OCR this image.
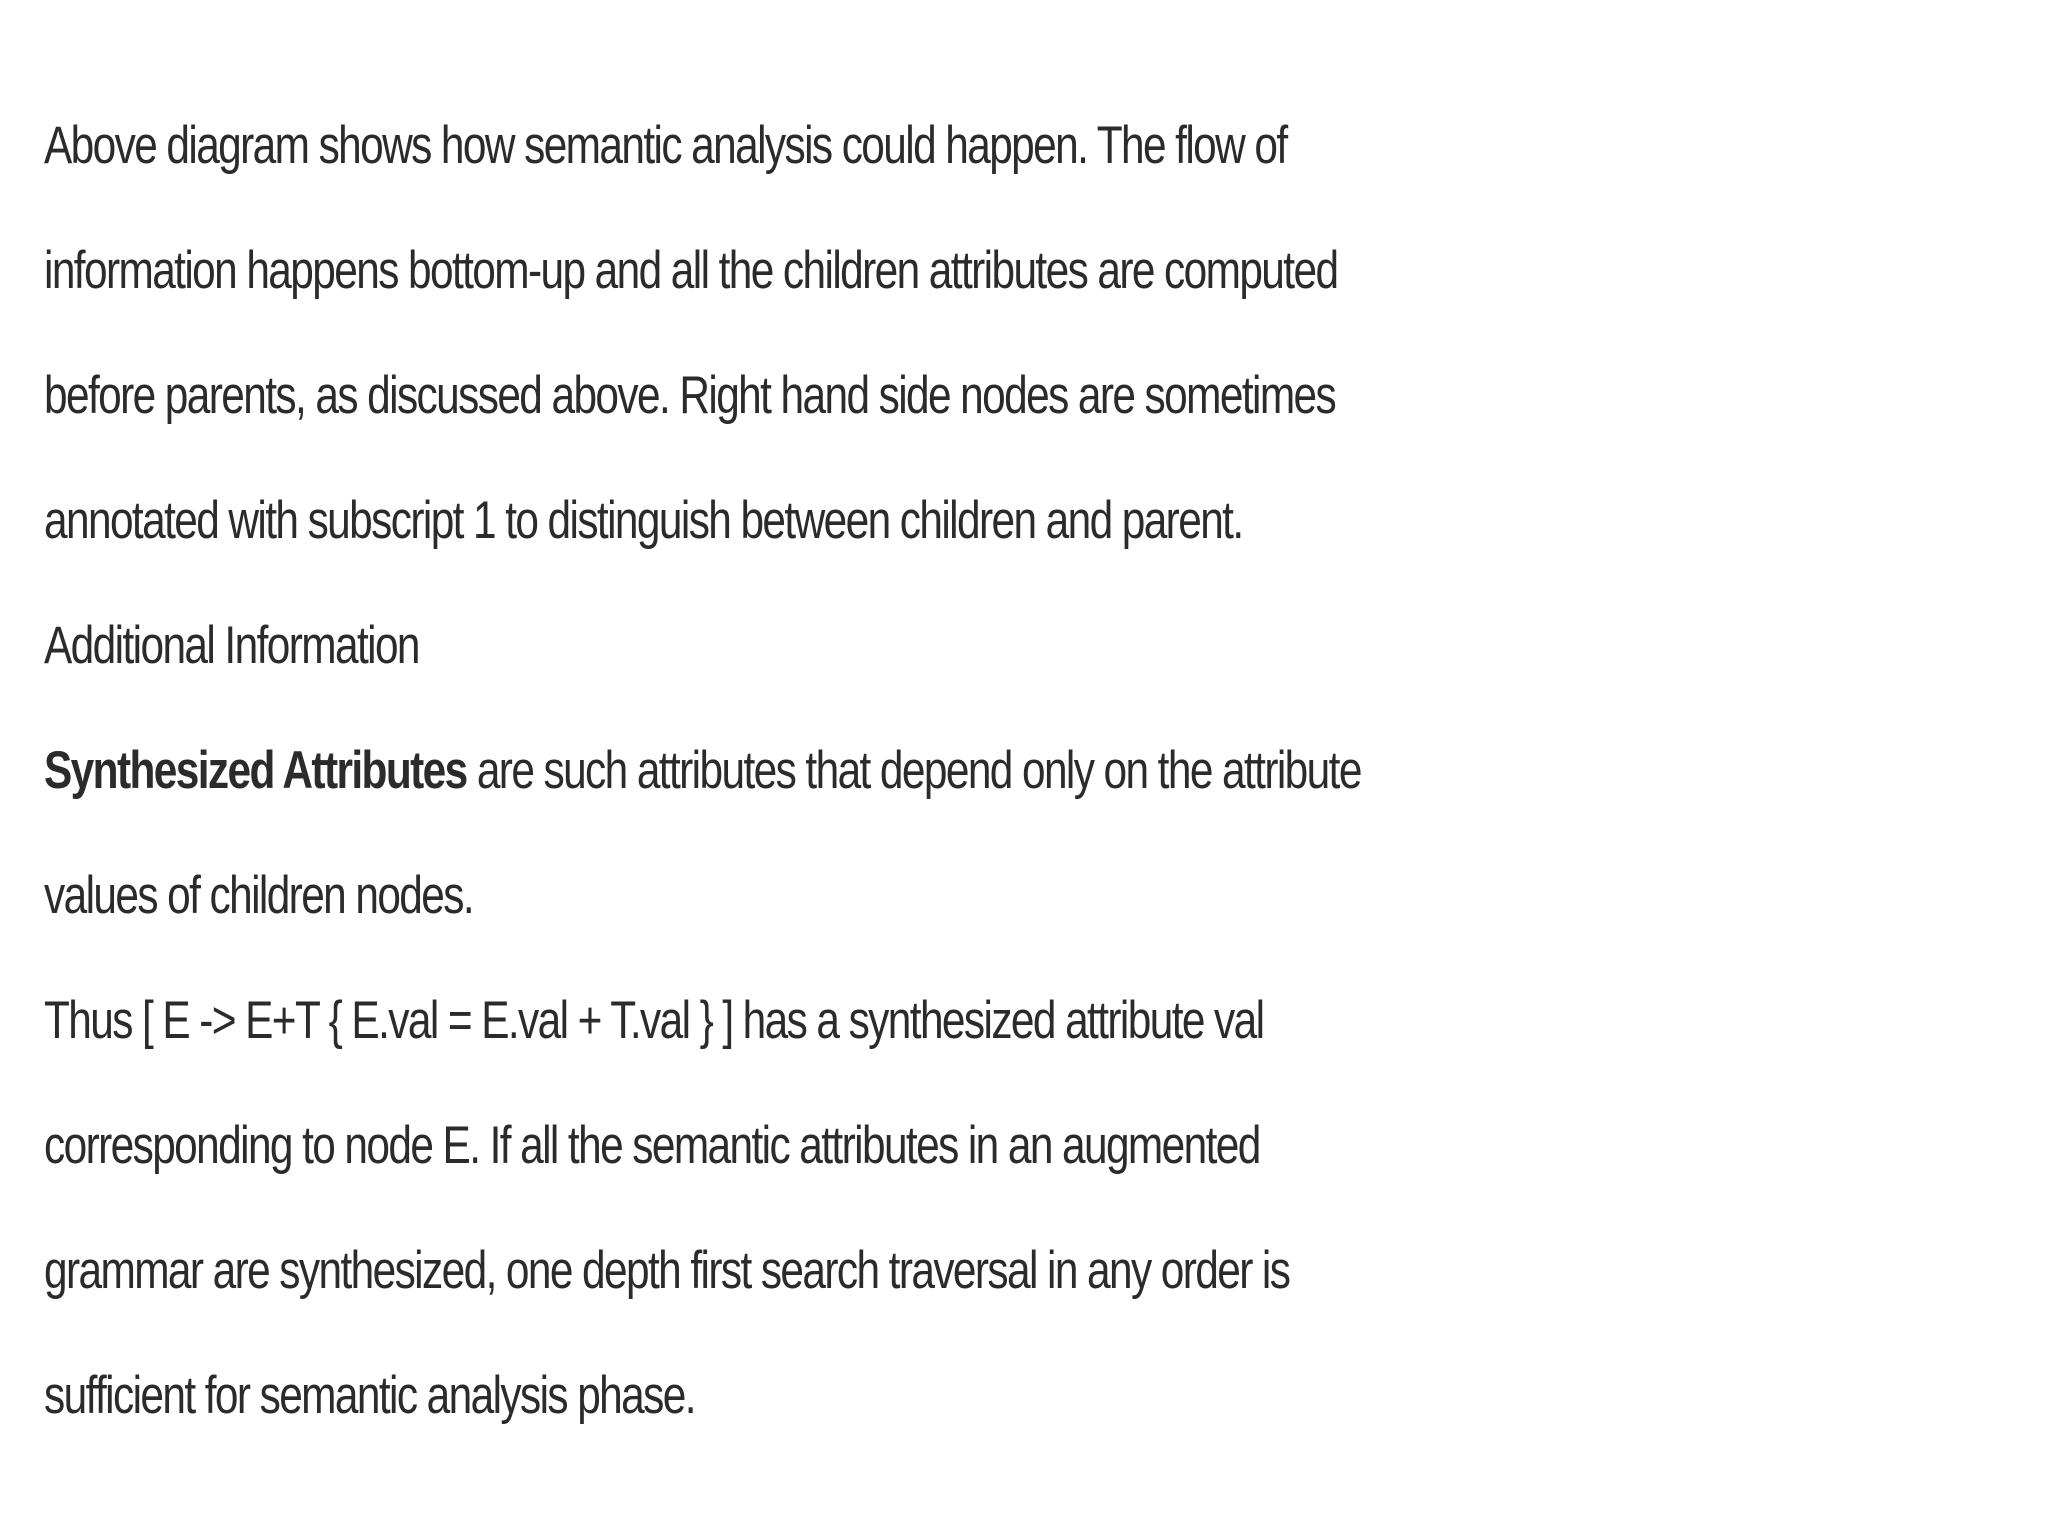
Above diagram shows how semantic analysis could happen. The flow of
information happens bottom-up and all the children attributes are computed
before parents, as discussed above. Right hand side nodes are sometimes
annotated with subscript 1 to distinguish between children and parent.

Additional Information

Synthesized Attributes are such attributes that depend only on the attribute
values of children nodes.

Thus [ E -> E+T { E.val = E.val + T.val } ] has a synthesized attribute val
corresponding to node E. If all the semantic attributes in an augmented
grammar are synthesized, one depth first search traversal in any order is
sufficient for semantic analysis phase.
